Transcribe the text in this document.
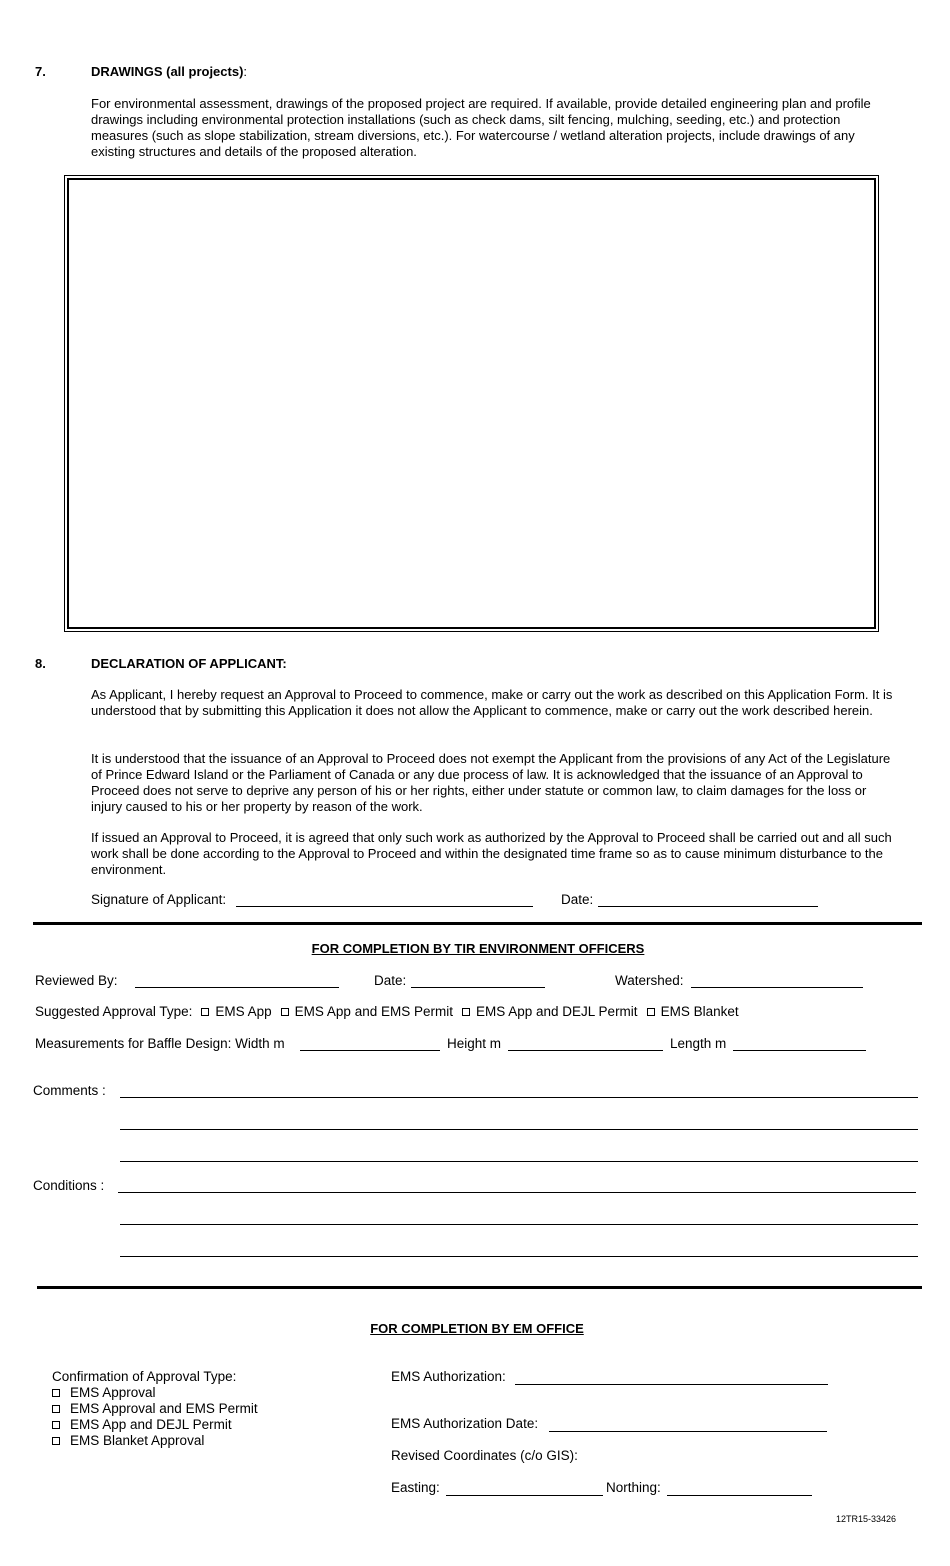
7.	DRAWINGS (all projects):
For environmental assessment, drawings of the proposed project are required. If available, provide detailed engineering plan and profile drawings including environmental protection installations (such as check dams, silt fencing, mulching, seeding, etc.) and protection measures (such as slope stabilization, stream diversions, etc.). For watercourse / wetland alteration projects, include drawings of any existing structures and details of the proposed alteration.
8.	DECLARATION OF APPLICANT:
As Applicant, I hereby request an Approval to Proceed to commence, make or carry out the work as described on this Application Form. It is understood that by submitting this Application it does not allow the Applicant to commence, make or carry out the work described herein.
It is understood that the issuance of an Approval to Proceed does not exempt the Applicant from the provisions of any Act of the Legislature of Prince Edward Island or the Parliament of Canada or any due process of law. It is acknowledged that the issuance of an Approval to Proceed does not serve to deprive any person of his or her rights, either under statute or common law, to claim damages for the loss or injury caused to his or her property by reason of the work.
If issued an Approval to Proceed, it is agreed that only such work as authorized by the Approval to Proceed shall be carried out and all such work shall be done according to the Approval to Proceed and within the designated time frame so as to cause minimum disturbance to the environment.
Signature of Applicant:	Date:
FOR COMPLETION BY TIR ENVIRONMENT OFFICERS
Reviewed By:	Date:	Watershed:
Suggested Approval Type: EMS App EMS App and EMS Permit EMS App and DEJL Permit EMS Blanket
Measurements for Baffle Design: Width m	Height m	Length m
Comments :
Conditions :
FOR COMPLETION BY EM OFFICE
Confirmation of Approval Type:
EMS Approval
EMS Approval and EMS Permit
EMS App and DEJL Permit
EMS Blanket Approval
EMS Authorization:
EMS Authorization Date:
Revised Coordinates (c/o GIS):
Easting:	Northing:
12TR15-33426
